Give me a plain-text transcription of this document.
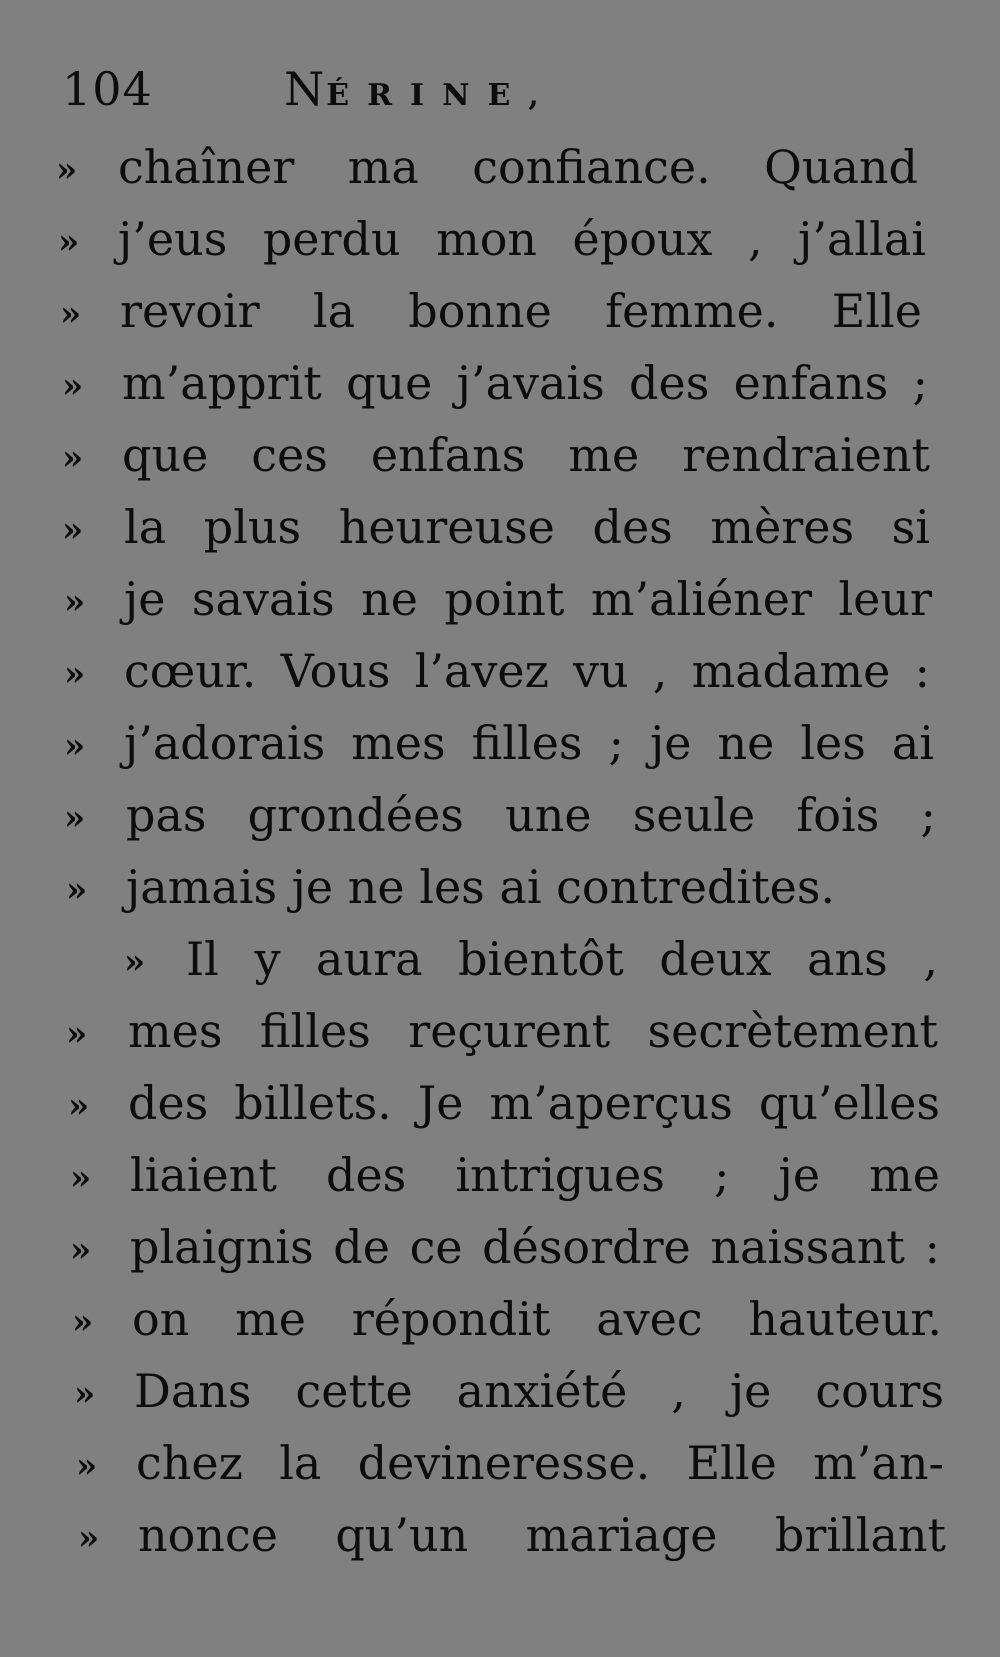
104	NÉRINE,
» chaîner ma confiance. Quand
» j’eus perdu mon époux , j’allai
» revoir la bonne femme. Elle
» m’apprit que j’avais des enfans ;
» que ces enfans me rendraient
» la plus heureuse des mères si
» je savais ne point m’aliéner leur
» cœur. Vous l’avez vu , madame :
» j’adorais mes filles ; je ne les ai
» pas grondées une seule fois ;
» jamais je ne les ai contredites.
» Il y aura bientôt deux ans ,
» mes filles reçurent secrètement
» des billets. Je m’aperçus qu’elles
» liaient des intrigues ; je me
» plaignis de ce désordre naissant :
» on me répondit avec hauteur.
» Dans cette anxiété , je cours
» chez la devineresse. Elle m’an-
» nonce qu’un mariage brillant
